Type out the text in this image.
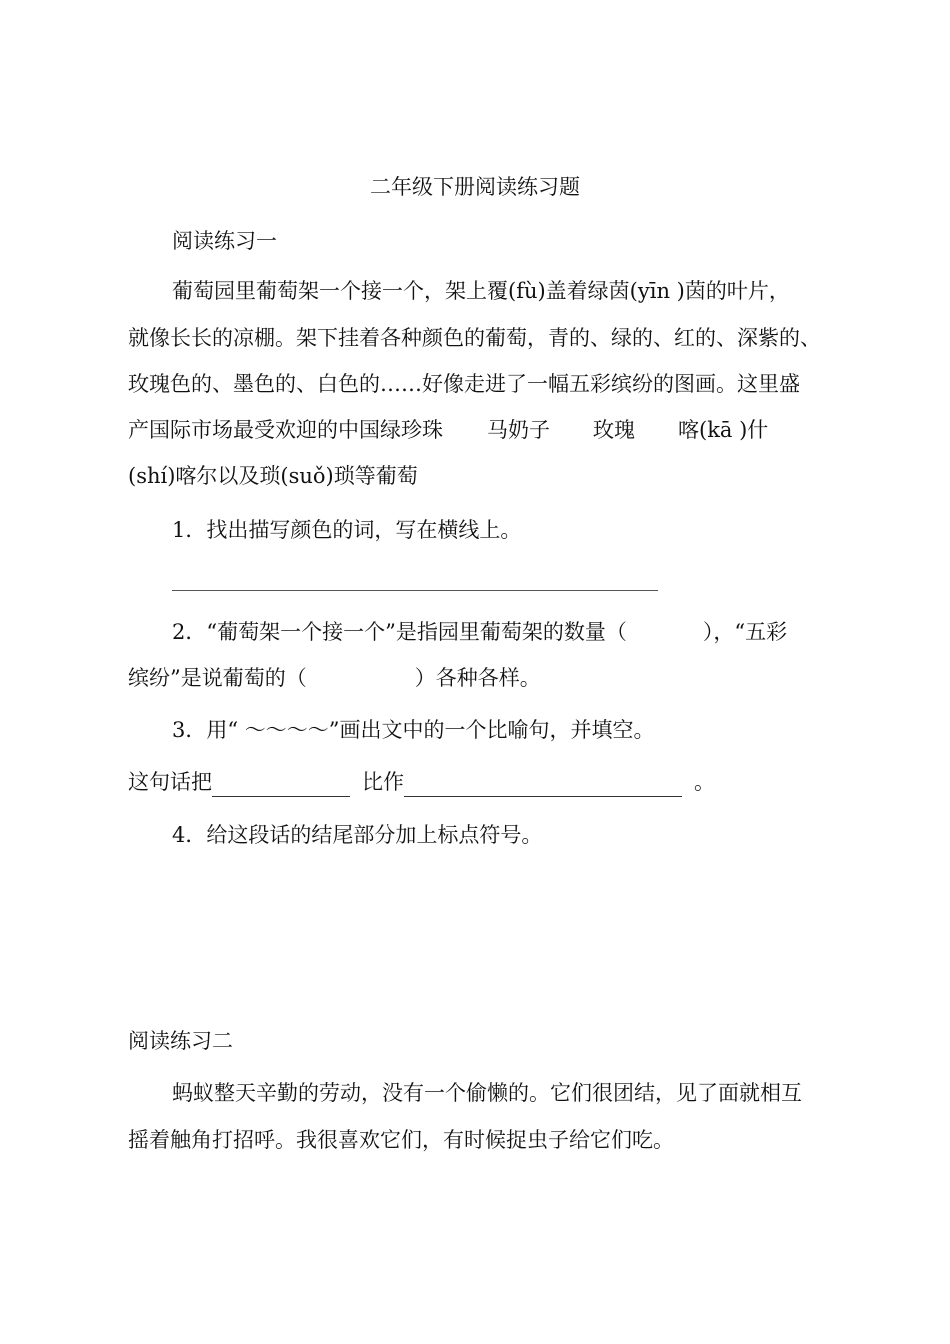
二年级下册阅读练习题
阅读练习一
葡萄园里葡萄架一个接一个，架上覆(fù)盖着绿茵(yīn )茵的叶片，
就像长长的凉棚。架下挂着各种颜色的葡萄，青的、绿的、红的、深紫的、
玫瑰色的、墨色的、白色的……好像走进了一幅五彩缤纷的图画。这里盛
产国际市场最受欢迎的中国绿珍珠 马奶子 玫瑰 喀(kā )什
(shí)喀尔以及琐(suǒ)琐等葡萄
1．找出描写颜色的词，写在横线上。
2．“葡萄架一个接一个”是指园里葡萄架的数量（	），“五彩
缤纷”是说葡萄的（	）各种各样。
3．用“ ～～～～”画出文中的一个比喻句，并填空。
这句话把	比作	。
4．给这段话的结尾部分加上标点符号。
阅读练习二
蚂蚁整天辛勤的劳动，没有一个偷懒的。它们很团结，见了面就相互
摇着触角打招呼。我很喜欢它们，有时候捉虫子给它们吃。
